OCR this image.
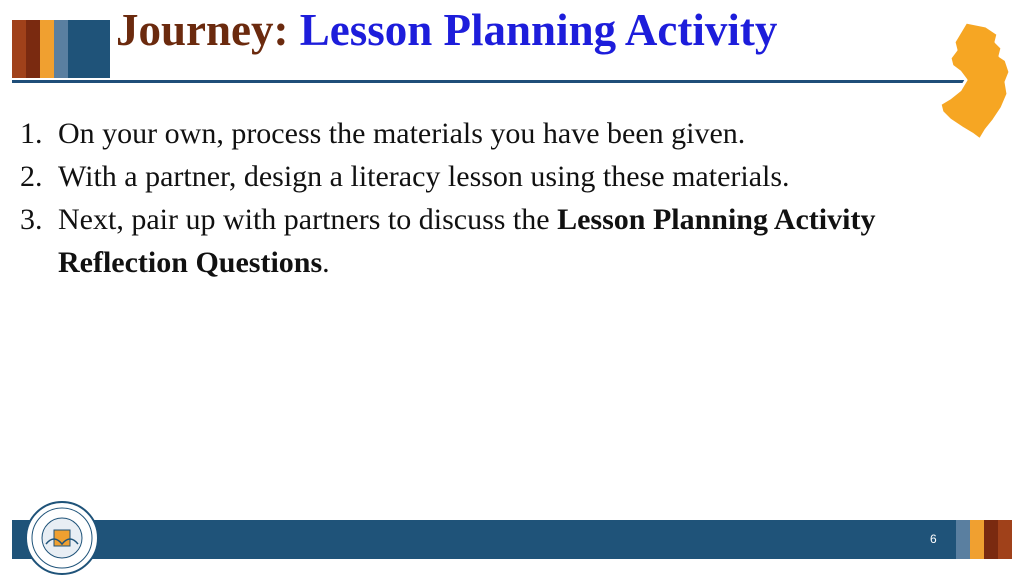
Journey: Lesson Planning Activity
1. On your own, process the materials you have been given.
2. With a partner, design a literacy lesson using these materials.
3. Next, pair up with partners to discuss the Lesson Planning Activity Reflection Questions.
6
